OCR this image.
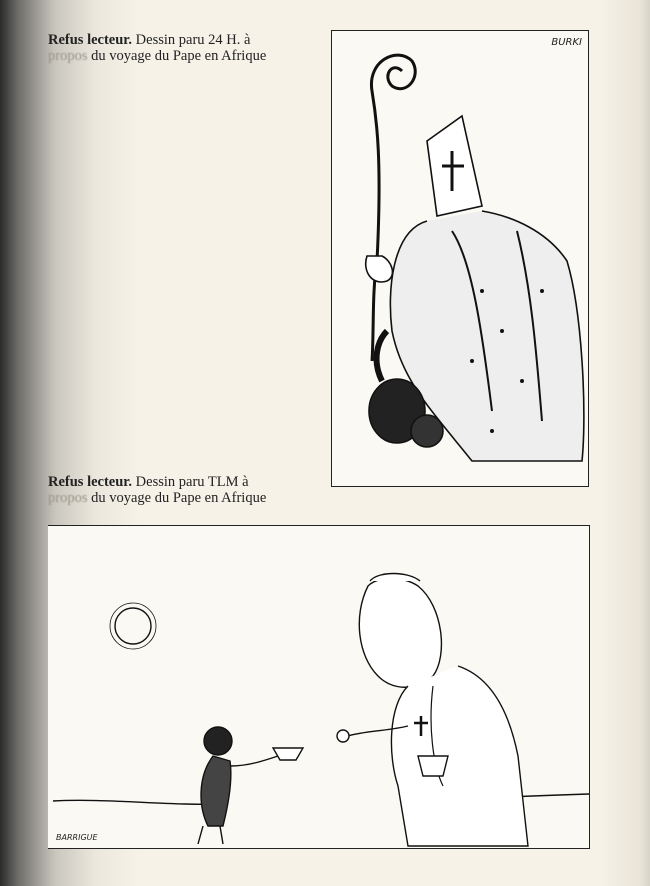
Refus lecteur. Dessin paru 24 H. à
propos du voyage du Pape en Afrique
BURKI
Refus lecteur. Dessin paru TLM à
propos du voyage du Pape en Afrique
BARRIGUE
